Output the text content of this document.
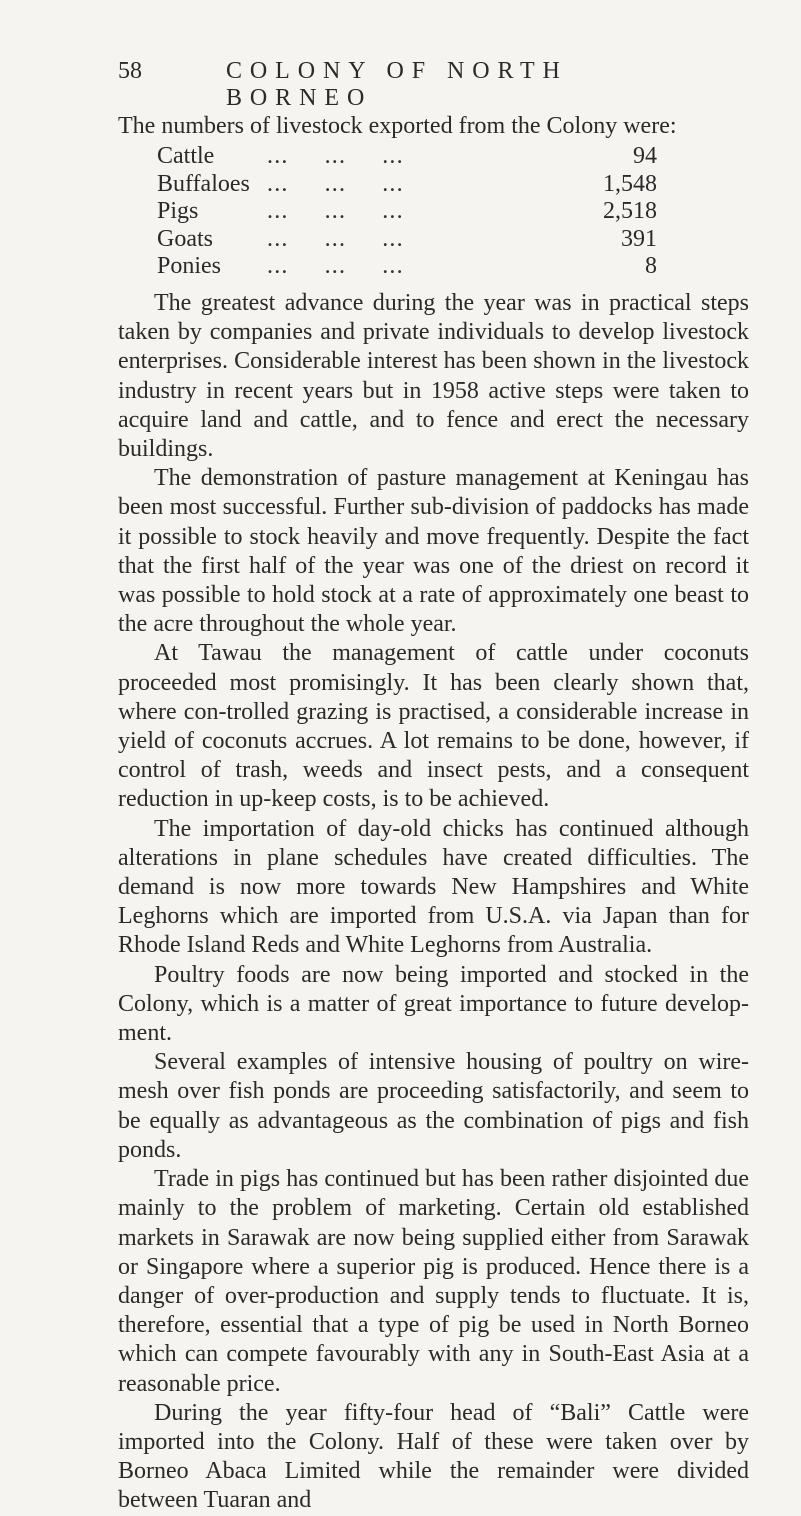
58	COLONY OF NORTH BORNEO
The numbers of livestock exported from the Colony were:
Cattle	...     ...     ...	94
Buffaloes ...     ...     ...	1,548
Pigs	...     ...     ...	2,518
Goats	...     ...     ...	391
Ponies	...     ...     ...	8

The greatest advance during the year was in practical steps taken by companies and private individuals to develop livestock enterprises. Considerable interest has been shown in the livestock industry in recent years but in 1958 active steps were taken to acquire land and cattle, and to fence and erect the necessary buildings.

The demonstration of pasture management at Keningau has been most successful. Further sub-division of paddocks has made it possible to stock heavily and move frequently. Despite the fact that the first half of the year was one of the driest on record it was possible to hold stock at a rate of approximately one beast to the acre throughout the whole year.

At Tawau the management of cattle under coconuts proceeded most promisingly. It has been clearly shown that, where con-trolled grazing is practised, a considerable increase in yield of coconuts accrues. A lot remains to be done, however, if control of trash, weeds and insect pests, and a consequent reduction in up-keep costs, is to be achieved.

The importation of day-old chicks has continued although alterations in plane schedules have created difficulties. The demand is now more towards New Hampshires and White Leghorns which are imported from U.S.A. via Japan than for Rhode Island Reds and White Leghorns from Australia.

Poultry foods are now being imported and stocked in the Colony, which is a matter of great importance to future develop-ment.

Several examples of intensive housing of poultry on wire-mesh over fish ponds are proceeding satisfactorily, and seem to be equally as advantageous as the combination of pigs and fish ponds.

Trade in pigs has continued but has been rather disjointed due mainly to the problem of marketing. Certain old established markets in Sarawak are now being supplied either from Sarawak or Singapore where a superior pig is produced. Hence there is a danger of over-production and supply tends to fluctuate. It is, therefore, essential that a type of pig be used in North Borneo which can compete favourably with any in South-East Asia at a reasonable price.

During the year fifty-four head of “Bali” Cattle were imported into the Colony. Half of these were taken over by Borneo Abaca Limited while the remainder were divided between Tuaran and
